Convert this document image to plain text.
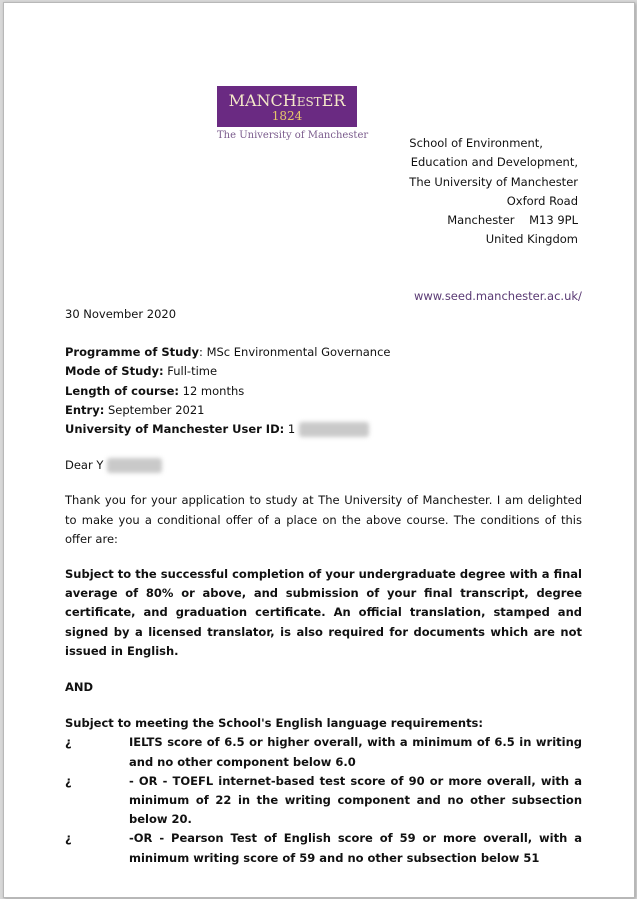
MANCHESTER
1824
The University of Manchester
School of Environment,
Education and Development,
The University of Manchester
Oxford Road
Manchester    M13 9PL
United Kingdom
www.seed.manchester.ac.uk/

30 November 2020

Programme of Study: MSc Environmental Governance

Mode of Study: Full-time

Length of course: 12 months

Entry: September 2021

University of Manchester User ID: 1

Dear Y

Thank you for your application to study at The University of Manchester. I am delighted to make you a conditional offer of a place on the above course. The conditions of this offer are:

Subject to the successful completion of your undergraduate degree with a final average of 80% or above, and submission of your final transcript, degree certificate, and graduation certificate. An official translation, stamped and signed by a licensed translator, is also required for documents which are not issued in English.

AND

Subject to meeting the School's English language requirements:

¿	IELTS score of 6.5 or higher overall, with a minimum of 6.5 in writing and no other component below 6.0

¿	- OR - TOEFL internet-based test score of 90 or more overall, with a minimum of 22 in the writing component and no other subsection below 20.

¿	-OR - Pearson Test of English score of 59 or more overall, with a minimum writing score of 59 and no other subsection below 51
